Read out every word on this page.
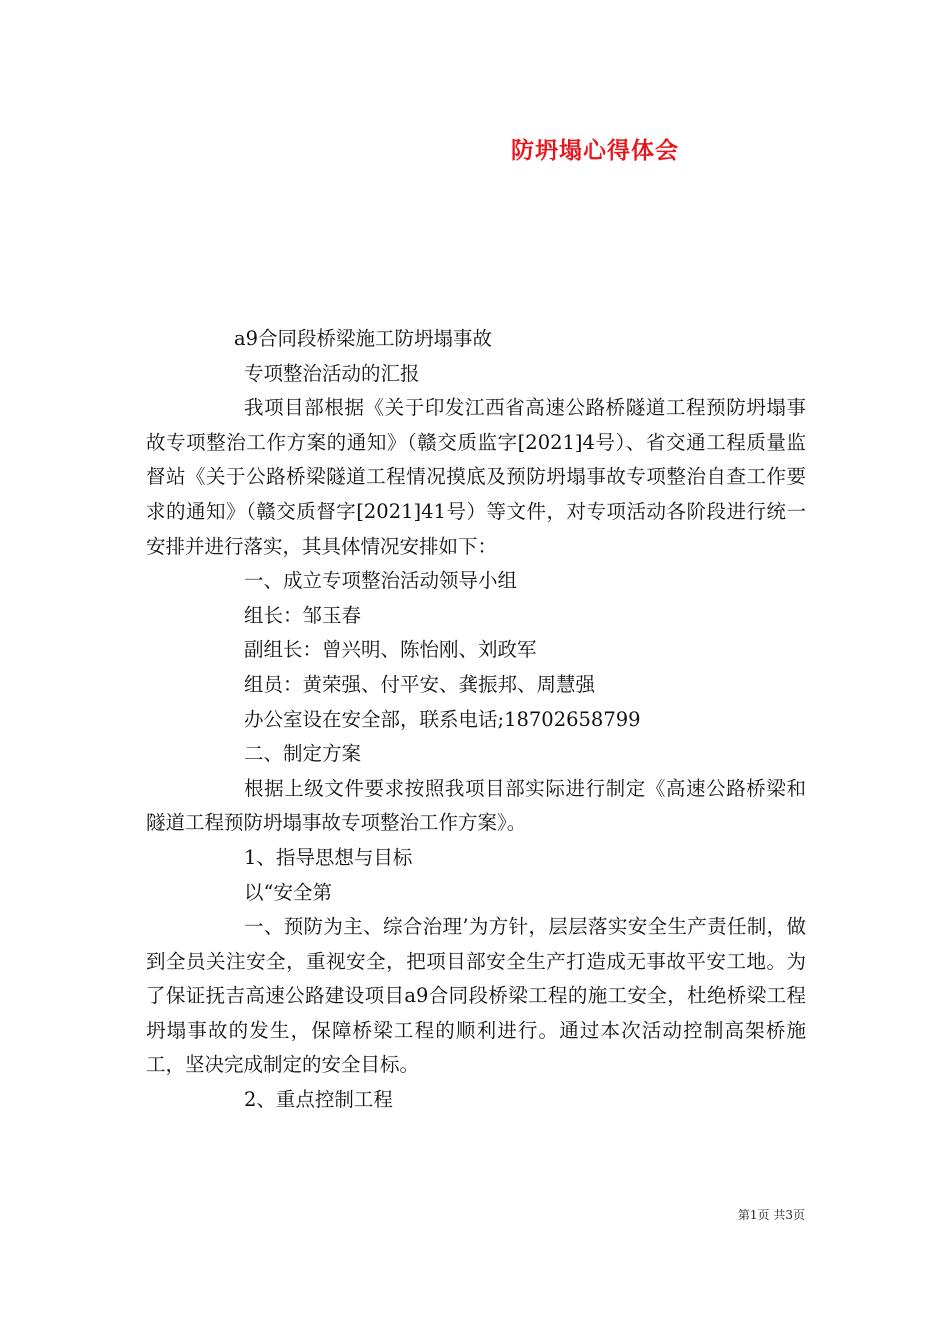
防坍塌心得体会

a9合同段桥梁施工防坍塌事故

专项整治活动的汇报

我项目部根据《关于印发江西省高速公路桥隧道工程预防坍塌事故专项整治工作方案的通知》（赣交质监字[2021]4号）、省交通工程质量监督站《关于公路桥梁隧道工程情况摸底及预防坍塌事故专项整治自查工作要求的通知》（赣交质督字[2021]41号）等文件，对专项活动各阶段进行统一安排并进行落实，其具体情况安排如下：

一、成立专项整治活动领导小组

组长：邹玉春

副组长：曾兴明、陈怡刚、刘政军

组员：黄荣强、付平安、龚振邦、周慧强

办公室设在安全部，联系电话;18702658799

二、制定方案

根据上级文件要求按照我项目部实际进行制定《高速公路桥梁和隧道工程预防坍塌事故专项整治工作方案》。

1、指导思想与目标

以“安全第

一、预防为主、综合治理’为方针，层层落实安全生产责任制，做到全员关注安全，重视安全，把项目部安全生产打造成无事故平安工地。为了保证抚吉高速公路建设项目a9合同段桥梁工程的施工安全，杜绝桥梁工程坍塌事故的发生，保障桥梁工程的顺利进行。通过本次活动控制高架桥施工，坚决完成制定的安全目标。

2、重点控制工程

第1页 共3页
